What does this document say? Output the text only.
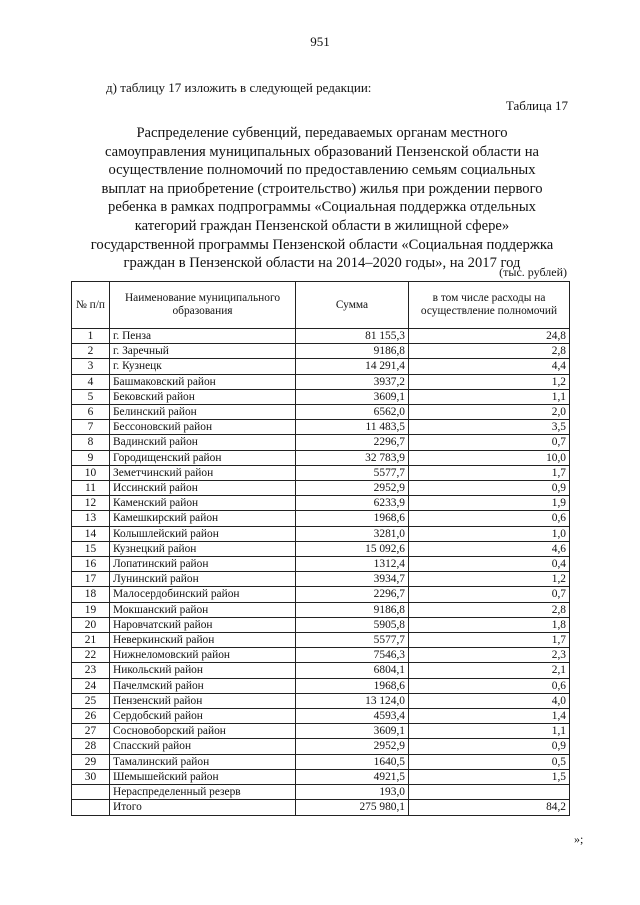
951
д) таблицу 17 изложить в следующей редакции:
Таблица 17
Распределение субвенций, передаваемых органам местного
самоуправления муниципальных образований Пензенской области на
осуществление полномочий по предоставлению семьям социальных
выплат на приобретение (строительство) жилья при рождении первого
ребенка в рамках подпрограммы «Социальная поддержка отдельных
категорий граждан Пензенской области в жилищной сфере»
государственной программы Пензенской области «Социальная поддержка
граждан в Пензенской области на 2014–2020 годы», на 2017 год
(тыс. рублей)
№ п/п	Наименование муниципального образования	Сумма	в том числе расходы на осуществление полномочий
1	г. Пенза	81 155,3	24,8
2	г. Заречный	9186,8	2,8
3	г. Кузнецк	14 291,4	4,4
4	Башмаковский район	3937,2	1,2
5	Бековский район	3609,1	1,1
6	Белинский район	6562,0	2,0
7	Бессоновский район	11 483,5	3,5
8	Вадинский район	2296,7	0,7
9	Городищенский район	32 783,9	10,0
10	Земетчинский район	5577,7	1,7
11	Иссинский район	2952,9	0,9
12	Каменский район	6233,9	1,9
13	Камешкирский район	1968,6	0,6
14	Колышлейский район	3281,0	1,0
15	Кузнецкий район	15 092,6	4,6
16	Лопатинский район	1312,4	0,4
17	Лунинский район	3934,7	1,2
18	Малосердобинский район	2296,7	0,7
19	Мокшанский район	9186,8	2,8
20	Наровчатский район	5905,8	1,8
21	Неверкинский район	5577,7	1,7
22	Нижнеломовский район	7546,3	2,3
23	Никольский район	6804,1	2,1
24	Пачелмский район	1968,6	0,6
25	Пензенский район	13 124,0	4,0
26	Сердобский район	4593,4	1,4
27	Сосновоборский район	3609,1	1,1
28	Спасский район	2952,9	0,9
29	Тамалинский район	1640,5	0,5
30	Шемышейский район	4921,5	1,5
	Нераспределенный резерв	193,0	
	Итого	275 980,1	84,2
»;
